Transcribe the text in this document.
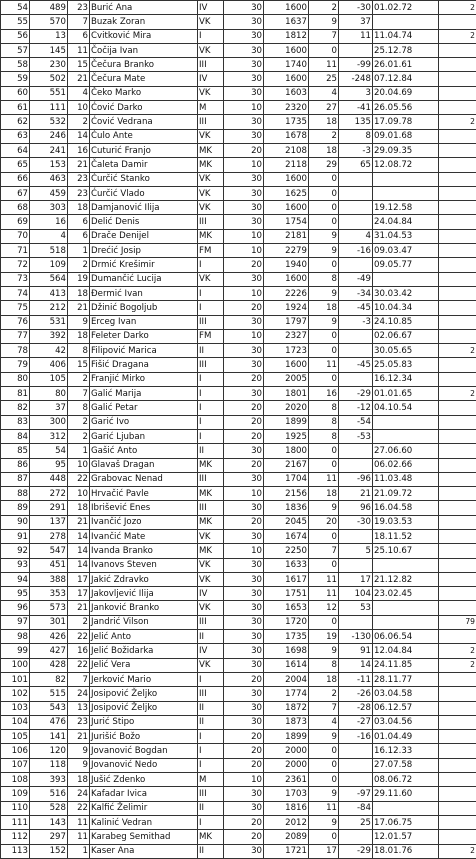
54	489	23	Burić Ana	IV	30	1600	2	-30	01.02.72	2
55	570	7	Buzak Zoran	VK	30	1637	9	37		
56	13	6	Cvitković Mira	I	30	1812	7	11	11.04.74	2
57	145	11	Čočija Ivan	VK	30	1600	0		25.12.78	
58	230	15	Čečura Branko	III	30	1740	11	-99	26.01.61	
59	502	21	Čečura Mate	IV	30	1600	25	-248	07.12.84	
60	551	4	Čeko Marko	VK	30	1603	4	3	20.04.69	
61	111	10	Ćović Darko	M	10	2320	27	-41	26.05.56	
62	532	2	Ćović Vedrana	III	30	1735	18	135	17.09.78	2
63	246	14	Ćulo Ante	VK	30	1678	2	8	09.01.68	
64	241	16	Cuturić Franjo	MK	20	2108	18	-3	29.09.35	
65	153	21	Čaleta Damir	MK	10	2118	29	65	12.08.72	
66	463	23	Ćurčić Stanko	VK	30	1600	0			
67	459	23	Ćurčić Vlado	VK	30	1625	0			
68	303	18	Damjanović Ilija	VK	30	1600	0		19.12.58	
69	16	6	Delić Denis	III	30	1754	0		24.04.84	
70	4	6	Drače Denijel	MK	10	2181	9	4	31.04.53	
71	518	1	Drećić Josip	FM	10	2279	9	-16	09.03.47	
72	109	2	Drmić Krešimir	I	20	1940	0		09.05.77	
73	564	19	Dumančić Lucija	VK	30	1600	8	-49		
74	413	18	Đermić Ivan	I	10	2226	9	-34	30.03.42	
75	212	21	Džinić Bogoljub	I	20	1924	18	-45	10.04.34	
76	531	9	Erceg Ivan	III	30	1797	9	-3	24.10.85	
77	392	18	Feleter Darko	FM	10	2327	0		02.06.67	
78	42	8	Filipović Marica	II	30	1723	0		30.05.65	2
79	406	15	Fišić Dragana	III	30	1600	11	-45	25.05.83	
80	105	2	Franjić Mirko	I	20	2005	0		16.12.34	
81	80	7	Galić Marija	I	30	1801	16	-29	01.01.65	2
82	37	8	Galić Petar	I	20	2020	8	-12	04.10.54	
83	300	2	Garić Ivo	I	20	1899	8	-54		
84	312	2	Garić Ljuban	I	20	1925	8	-53		
85	54	1	Gašić Anto	II	30	1800	0		27.06.60	
86	95	10	Glavaš Dragan	MK	20	2167	0		06.02.66	
87	448	22	Grabovac Nenad	III	30	1704	11	-96	11.03.48	
88	272	10	Hrvačić Pavle	MK	10	2156	18	21	21.09.72	
89	291	18	Ibrišević Enes	III	30	1836	9	96	16.04.58	
90	137	21	Ivančić Jozo	MK	20	2045	20	-30	19.03.53	
91	278	14	Ivančić Mate	VK	30	1674	0		18.11.52	
92	547	14	Ivanda Branko	MK	10	2250	7	5	25.10.67	
93	451	14	Ivanovs Steven	VK	30	1633	0			
94	388	17	Jakić Zdravko	VK	30	1617	11	17	21.12.82	
95	353	17	Jakovljević Ilija	IV	30	1751	11	104	23.02.45	
96	573	21	Janković Branko	VK	30	1653	12	53		
97	301	2	Jandrić Vilson	III	30	1720	0			79
98	426	22	Jelić Anto	II	30	1735	19	-130	06.06.54	
99	427	16	Jelić Božidarka	IV	30	1698	9	91	12.04.84	2
100	428	22	Jelić Vera	VK	30	1614	8	14	24.11.85	2
101	82	7	Jerković Mario	I	20	2004	18	-11	28.11.77	
102	515	24	Josipović Željko	III	30	1774	2	-26	03.04.58	
103	543	13	Josipović Željko	II	30	1872	7	-28	06.12.57	
104	476	23	Jurić Stipo	II	30	1873	4	-27	03.04.56	
105	141	21	Jurišić Božo	I	20	1899	9	-16	01.04.49	
106	120	9	Jovanović Bogdan	I	20	2000	0		16.12.33	
107	118	9	Jovanović Nedo	I	20	2000	0		27.07.58	
108	393	18	Jušić Zdenko	M	10	2361	0		08.06.72	
109	516	24	Kafadar Ivica	III	30	1703	9	-97	29.11.60	
110	528	22	Kalfić Želimir	II	30	1816	11	-84		
111	143	11	Kalinić Vedran	I	20	2012	9	25	17.06.75	
112	297	11	Karabeg Semithad	MK	20	2089	0		12.01.57	
113	152	1	Kaser Ana	II	30	1721	17	-29	18.01.76	2
